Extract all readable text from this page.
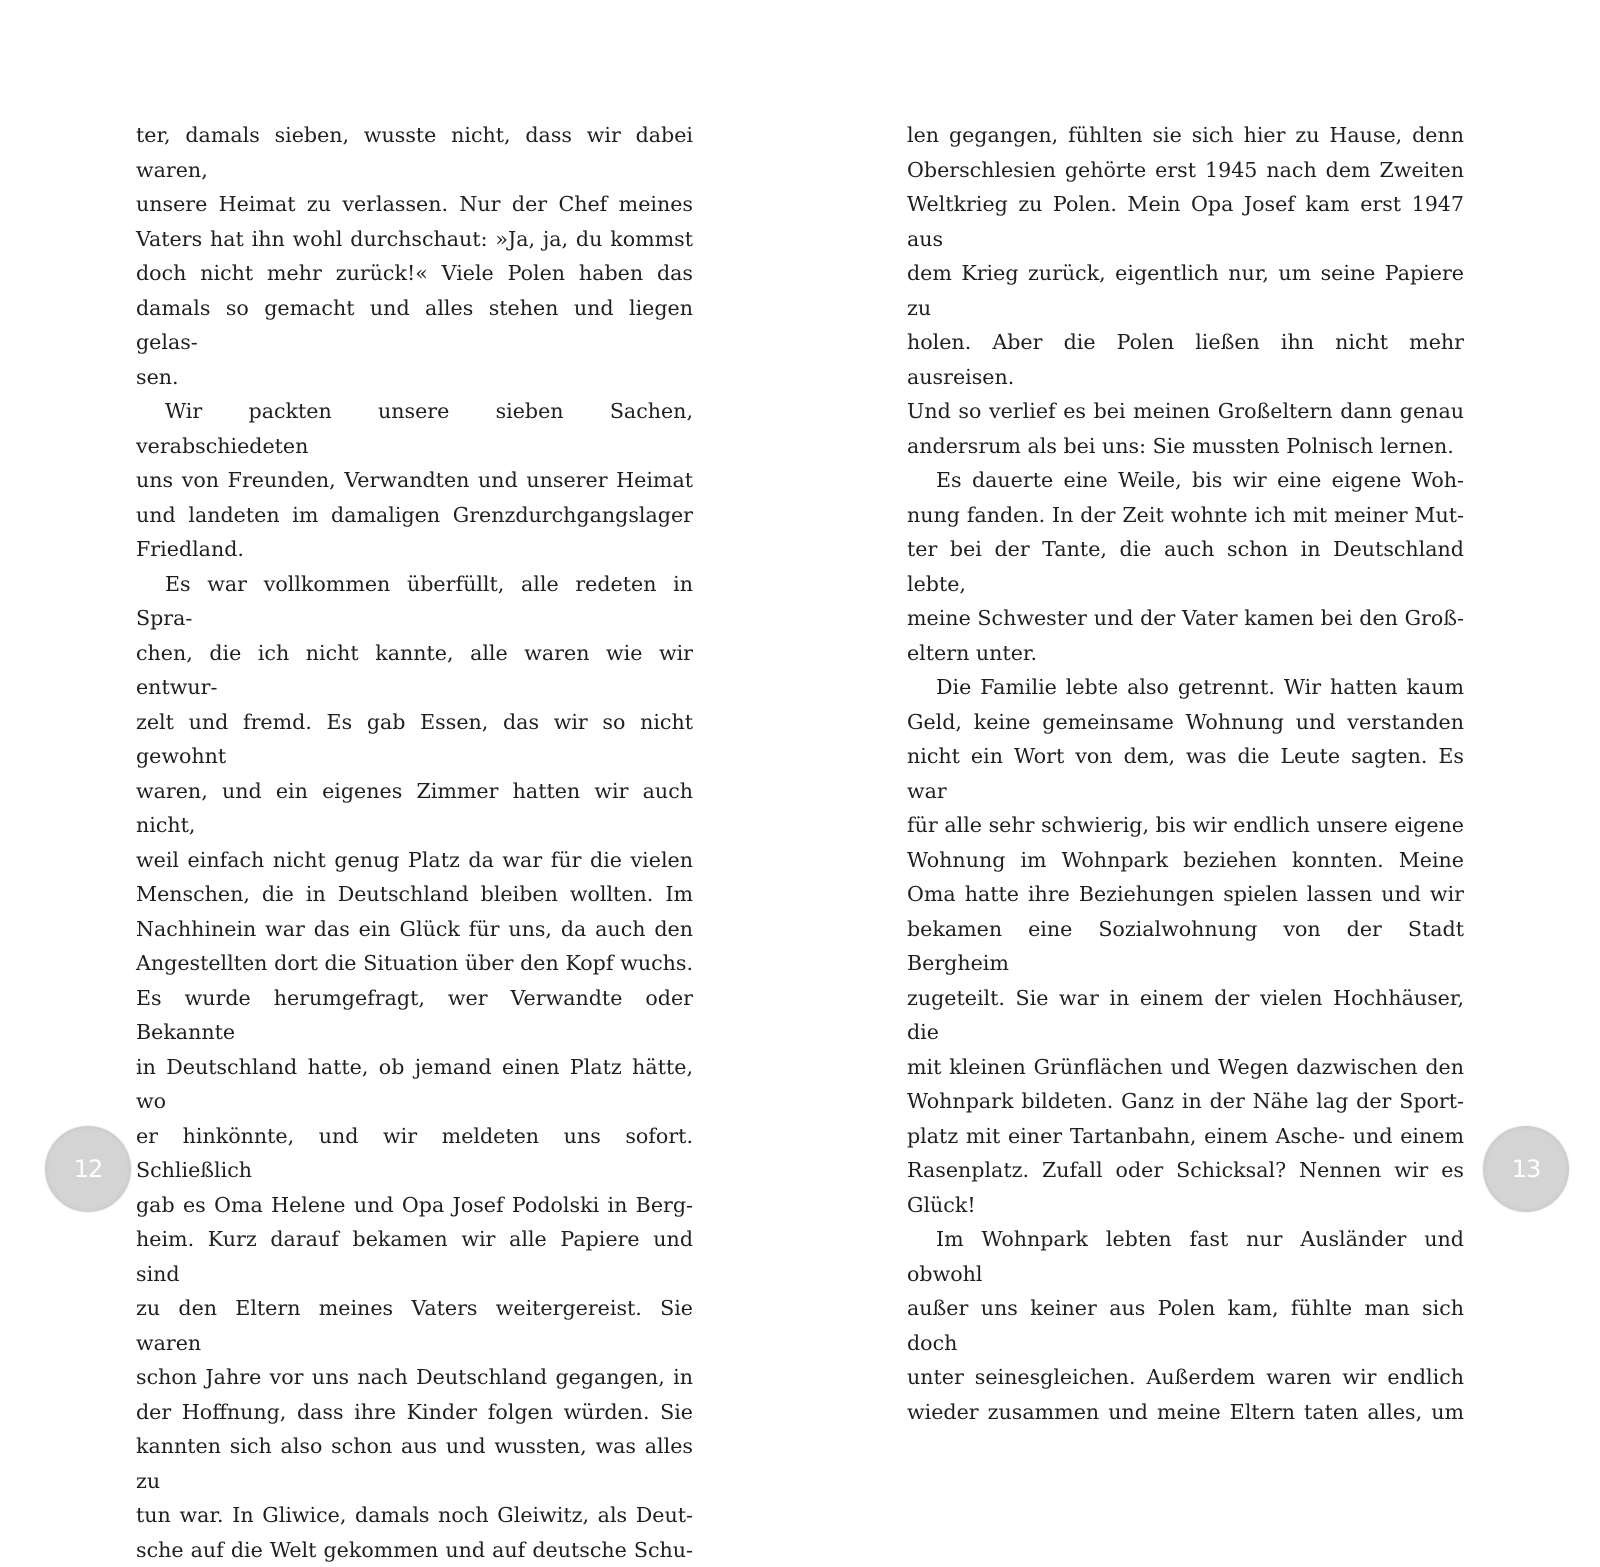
ter, damals sieben, wusste nicht, dass wir dabei waren,

unsere Heimat zu verlassen. Nur der Chef meines

Vaters hat ihn wohl durchschaut: »Ja, ja, du kommst

doch nicht mehr zurück!« Viele Polen haben das

damals so gemacht und alles stehen und liegen gelas-

sen.

Wir packten unsere sieben Sachen, verabschiedeten

uns von Freunden, Verwandten und unserer Heimat

und landeten im damaligen Grenzdurchgangslager

Friedland.

Es war vollkommen überfüllt, alle redeten in Spra-

chen, die ich nicht kannte, alle waren wie wir entwur-

zelt und fremd. Es gab Essen, das wir so nicht gewohnt

waren, und ein eigenes Zimmer hatten wir auch nicht,

weil einfach nicht genug Platz da war für die vielen

Menschen, die in Deutschland bleiben wollten. Im

Nachhinein war das ein Glück für uns, da auch den

Angestellten dort die Situation über den Kopf wuchs.

Es wurde herumgefragt, wer Verwandte oder Bekannte

in Deutschland hatte, ob jemand einen Platz hätte, wo

er hinkönnte, und wir meldeten uns sofort. Schließlich

gab es Oma Helene und Opa Josef Podolski in Berg-

heim. Kurz darauf bekamen wir alle Papiere und sind

zu den Eltern meines Vaters weitergereist. Sie waren

schon Jahre vor uns nach Deutschland gegangen, in

der Hoffnung, dass ihre Kinder folgen würden. Sie

kannten sich also schon aus und wussten, was alles zu

tun war. In Gliwice, damals noch Gleiwitz, als Deut-

sche auf die Welt gekommen und auf deutsche Schu-

12

len gegangen, fühlten sie sich hier zu Hause, denn

Oberschlesien gehörte erst 1945 nach dem Zweiten

Weltkrieg zu Polen. Mein Opa Josef kam erst 1947 aus

dem Krieg zurück, eigentlich nur, um seine Papiere zu

holen. Aber die Polen ließen ihn nicht mehr ausreisen.

Und so verlief es bei meinen Großeltern dann genau

andersrum als bei uns: Sie mussten Polnisch lernen.

Es dauerte eine Weile, bis wir eine eigene Woh-

nung fanden. In der Zeit wohnte ich mit meiner Mut-

ter bei der Tante, die auch schon in Deutschland lebte,

meine Schwester und der Vater kamen bei den Groß-

eltern unter.

Die Familie lebte also getrennt. Wir hatten kaum

Geld, keine gemeinsame Wohnung und verstanden

nicht ein Wort von dem, was die Leute sagten. Es war

für alle sehr schwierig, bis wir endlich unsere eigene

Wohnung im Wohnpark beziehen konnten. Meine

Oma hatte ihre Beziehungen spielen lassen und wir

bekamen eine Sozialwohnung von der Stadt Bergheim

zugeteilt. Sie war in einem der vielen Hochhäuser, die

mit kleinen Grünflächen und Wegen dazwischen den

Wohnpark bildeten. Ganz in der Nähe lag der Sport-

platz mit einer Tartanbahn, einem Asche- und einem

Rasenplatz. Zufall oder Schicksal? Nennen wir es

Glück!

Im Wohnpark lebten fast nur Ausländer und obwohl

außer uns keiner aus Polen kam, fühlte man sich doch

unter seinesgleichen. Außerdem waren wir endlich

wieder zusammen und meine Eltern taten alles, um

13
